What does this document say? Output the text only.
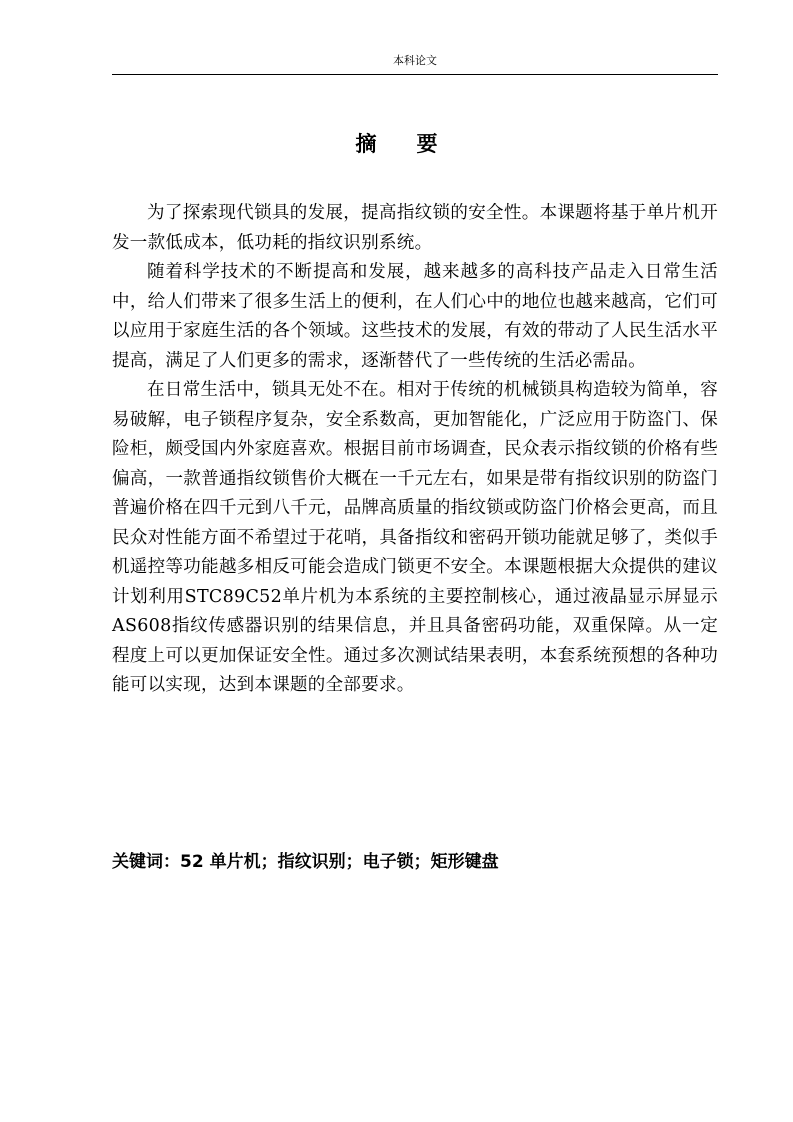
本科论文
摘要

为了探索现代锁具的发展，提高指纹锁的安全性。本课题将基于单片机开发一款低成本，低功耗的指纹识别系统。

随着科学技术的不断提高和发展，越来越多的高科技产品走入日常生活中，给人们带来了很多生活上的便利，在人们心中的地位也越来越高，它们可以应用于家庭生活的各个领域。这些技术的发展，有效的带动了人民生活水平提高，满足了人们更多的需求，逐渐替代了一些传统的生活必需品。

在日常生活中，锁具无处不在。相对于传统的机械锁具构造较为简单，容易破解，电子锁程序复杂，安全系数高，更加智能化，广泛应用于防盗门、保险柜，颇受国内外家庭喜欢。根据目前市场调查，民众表示指纹锁的价格有些偏高，一款普通指纹锁售价大概在一千元左右，如果是带有指纹识别的防盗门普遍价格在四千元到八千元，品牌高质量的指纹锁或防盗门价格会更高，而且民众对性能方面不希望过于花哨，具备指纹和密码开锁功能就足够了，类似手机遥控等功能越多相反可能会造成门锁更不安全。本课题根据大众提供的建议计划利用STC89C52单片机为本系统的主要控制核心，通过液晶显示屏显示AS608指纹传感器识别的结果信息，并且具备密码功能，双重保障。从一定程度上可以更加保证安全性。通过多次测试结果表明，本套系统预想的各种功能可以实现，达到本课题的全部要求。

关键词：52 单片机；指纹识别；电子锁；矩形键盘
